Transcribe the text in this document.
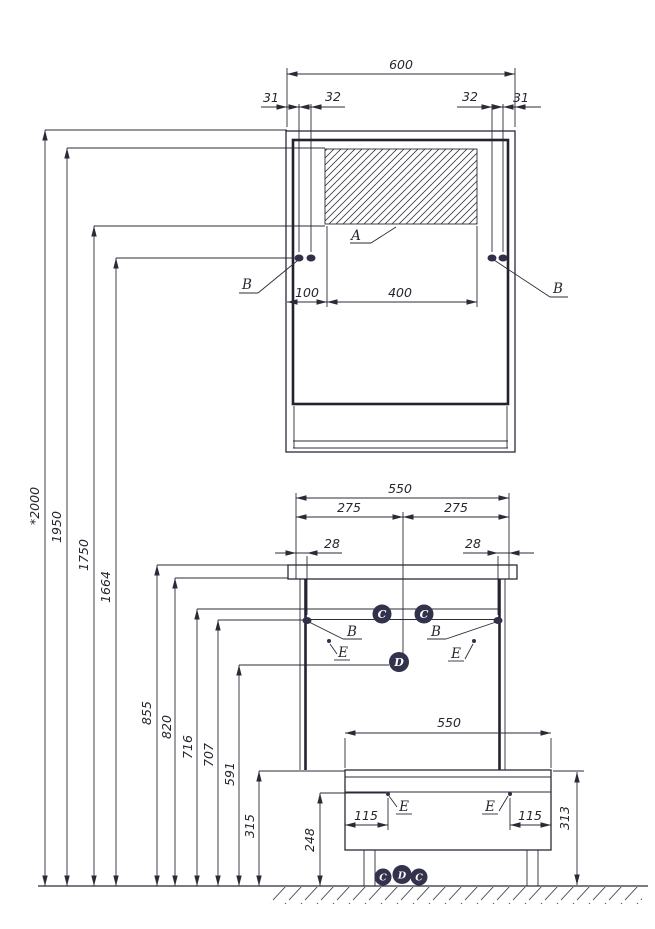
600
31	32	32	31
100	400
A
B	B
*2000
1950
1750
1664
855
820
716 707
591
315
248
550
275	275
28	28
C	C
D
B	B
E	E
550
E	E
115	115 313
C D C
